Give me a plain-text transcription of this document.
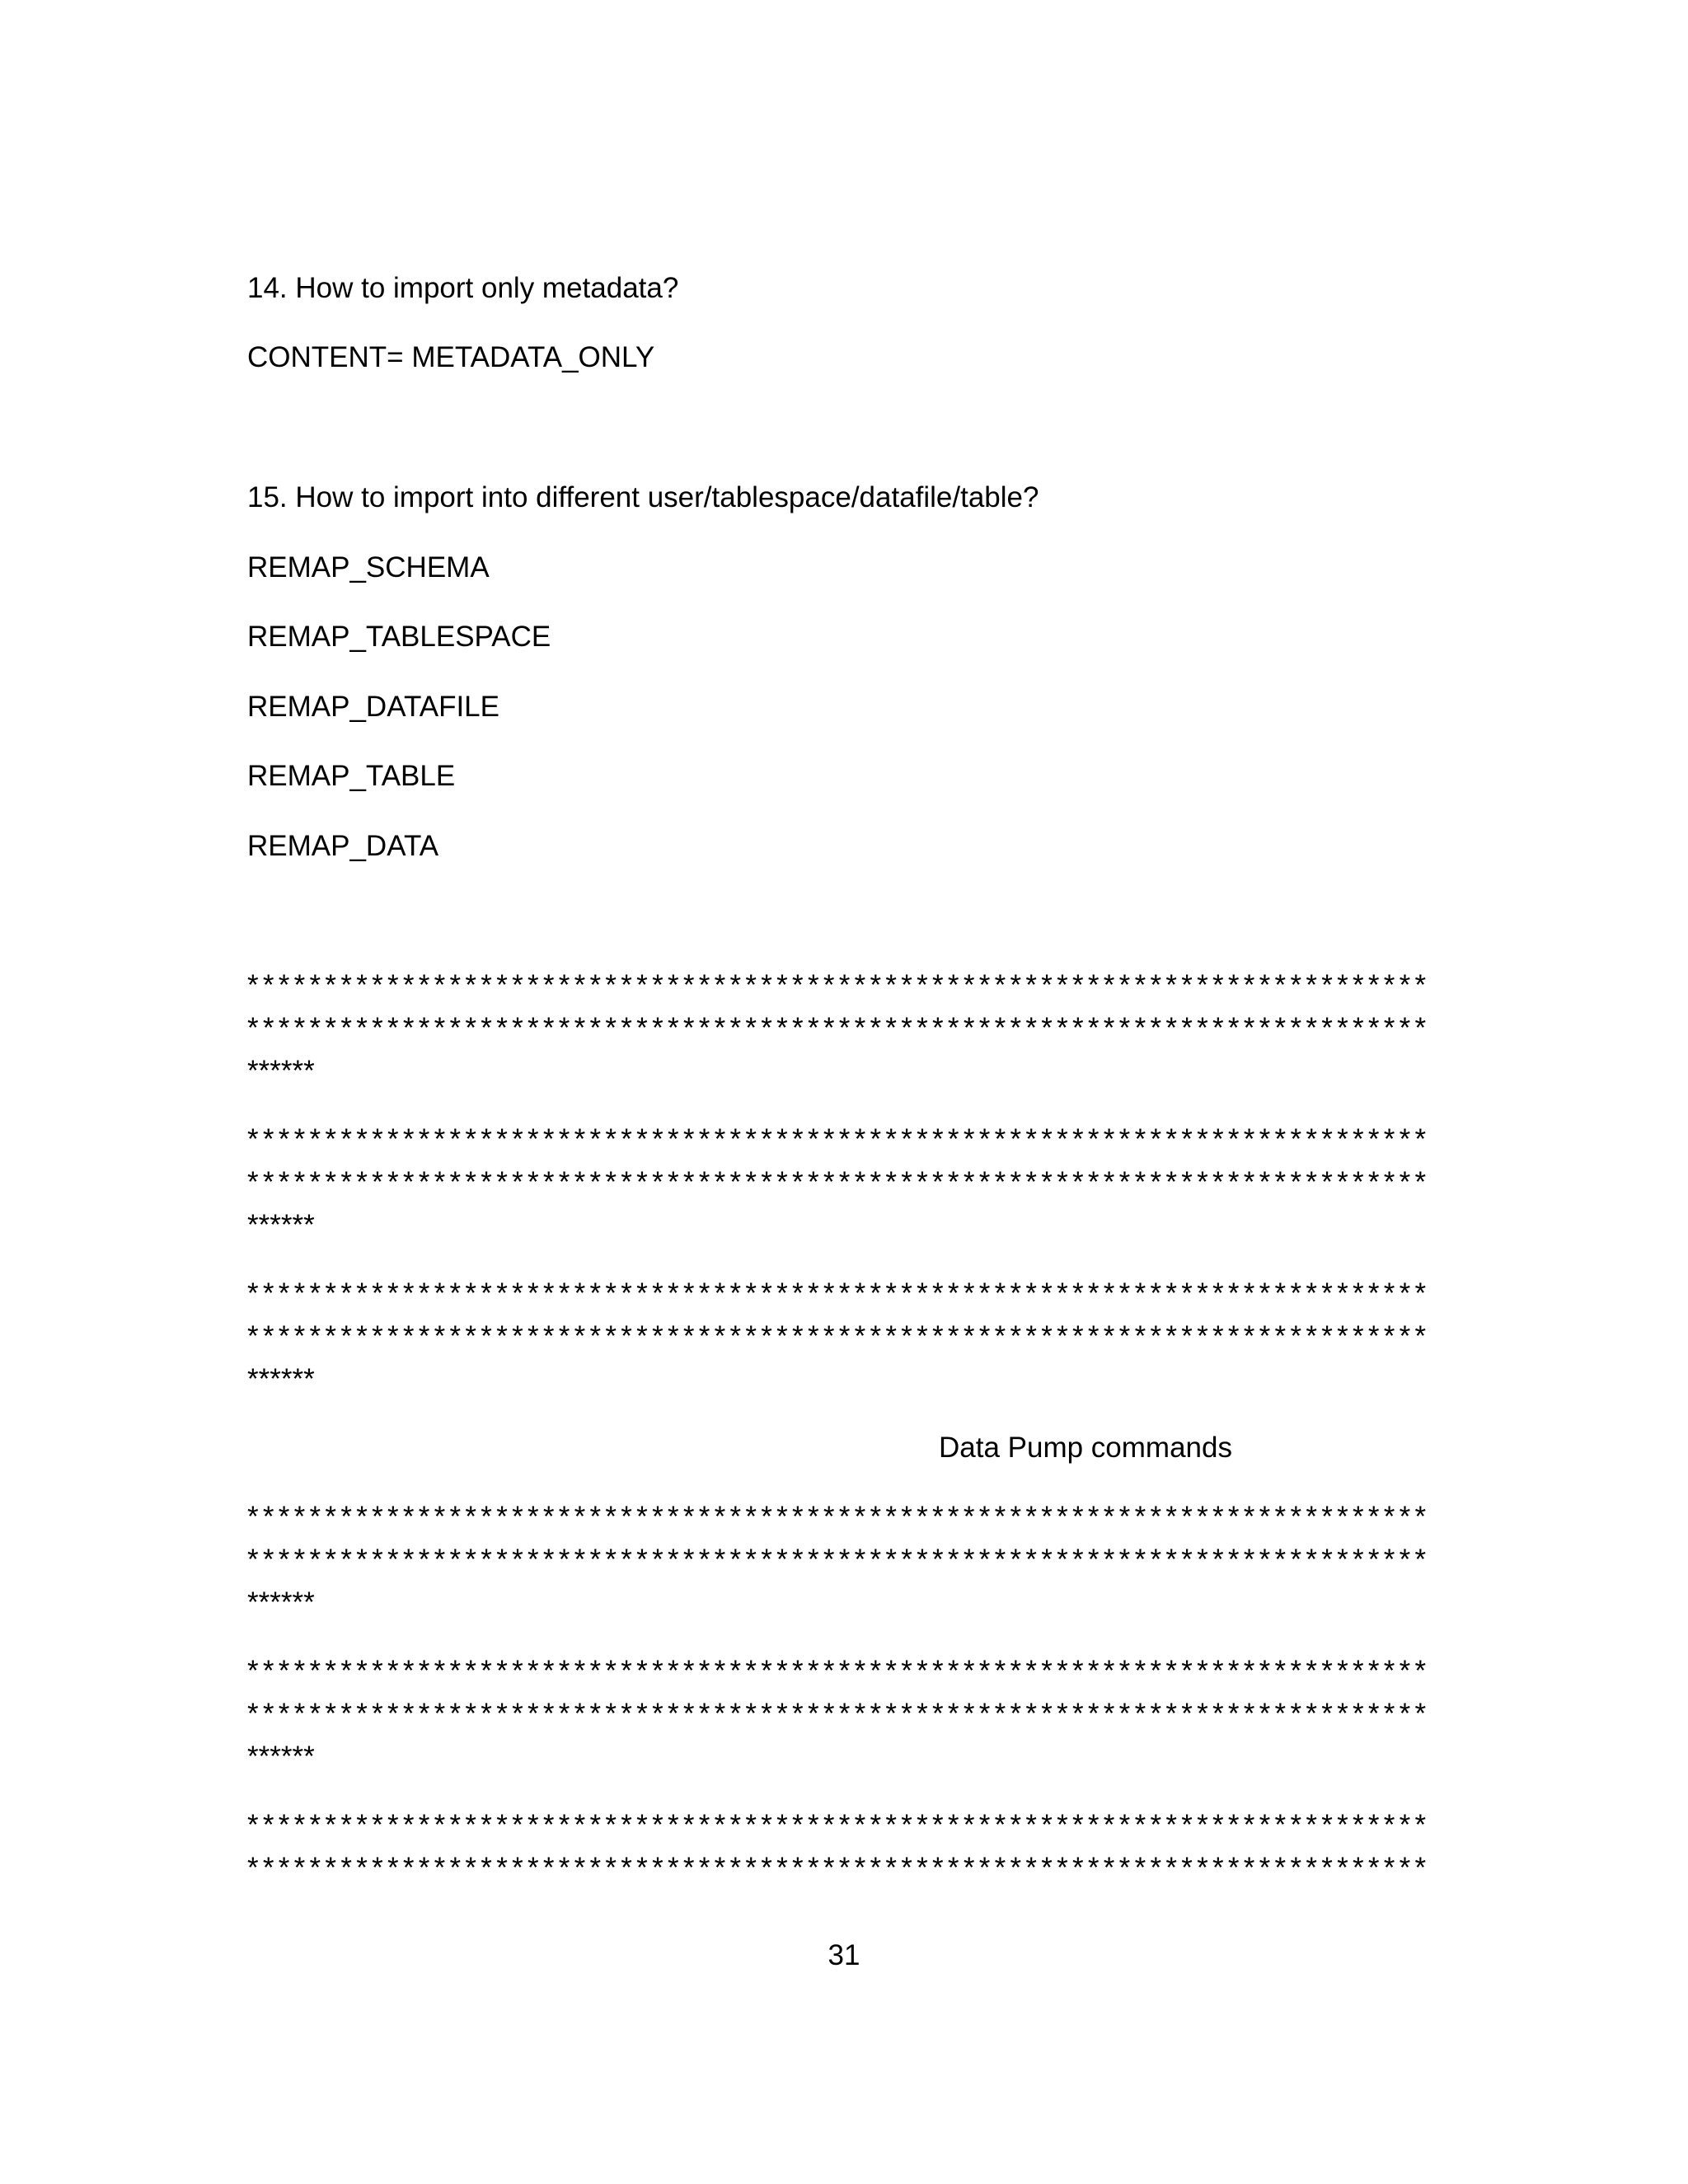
14. How to import only metadata?
CONTENT= METADATA_ONLY
15. How to import into different user/tablespace/datafile/table?
REMAP_SCHEMA
REMAP_TABLESPACE
REMAP_DATAFILE
REMAP_TABLE
REMAP_DATA
****************************************************************************
****************************************************************************
******
****************************************************************************
****************************************************************************
******
****************************************************************************
****************************************************************************
******
Data Pump commands
****************************************************************************
****************************************************************************
******
****************************************************************************
****************************************************************************
******
****************************************************************************
****************************************************************************
31
